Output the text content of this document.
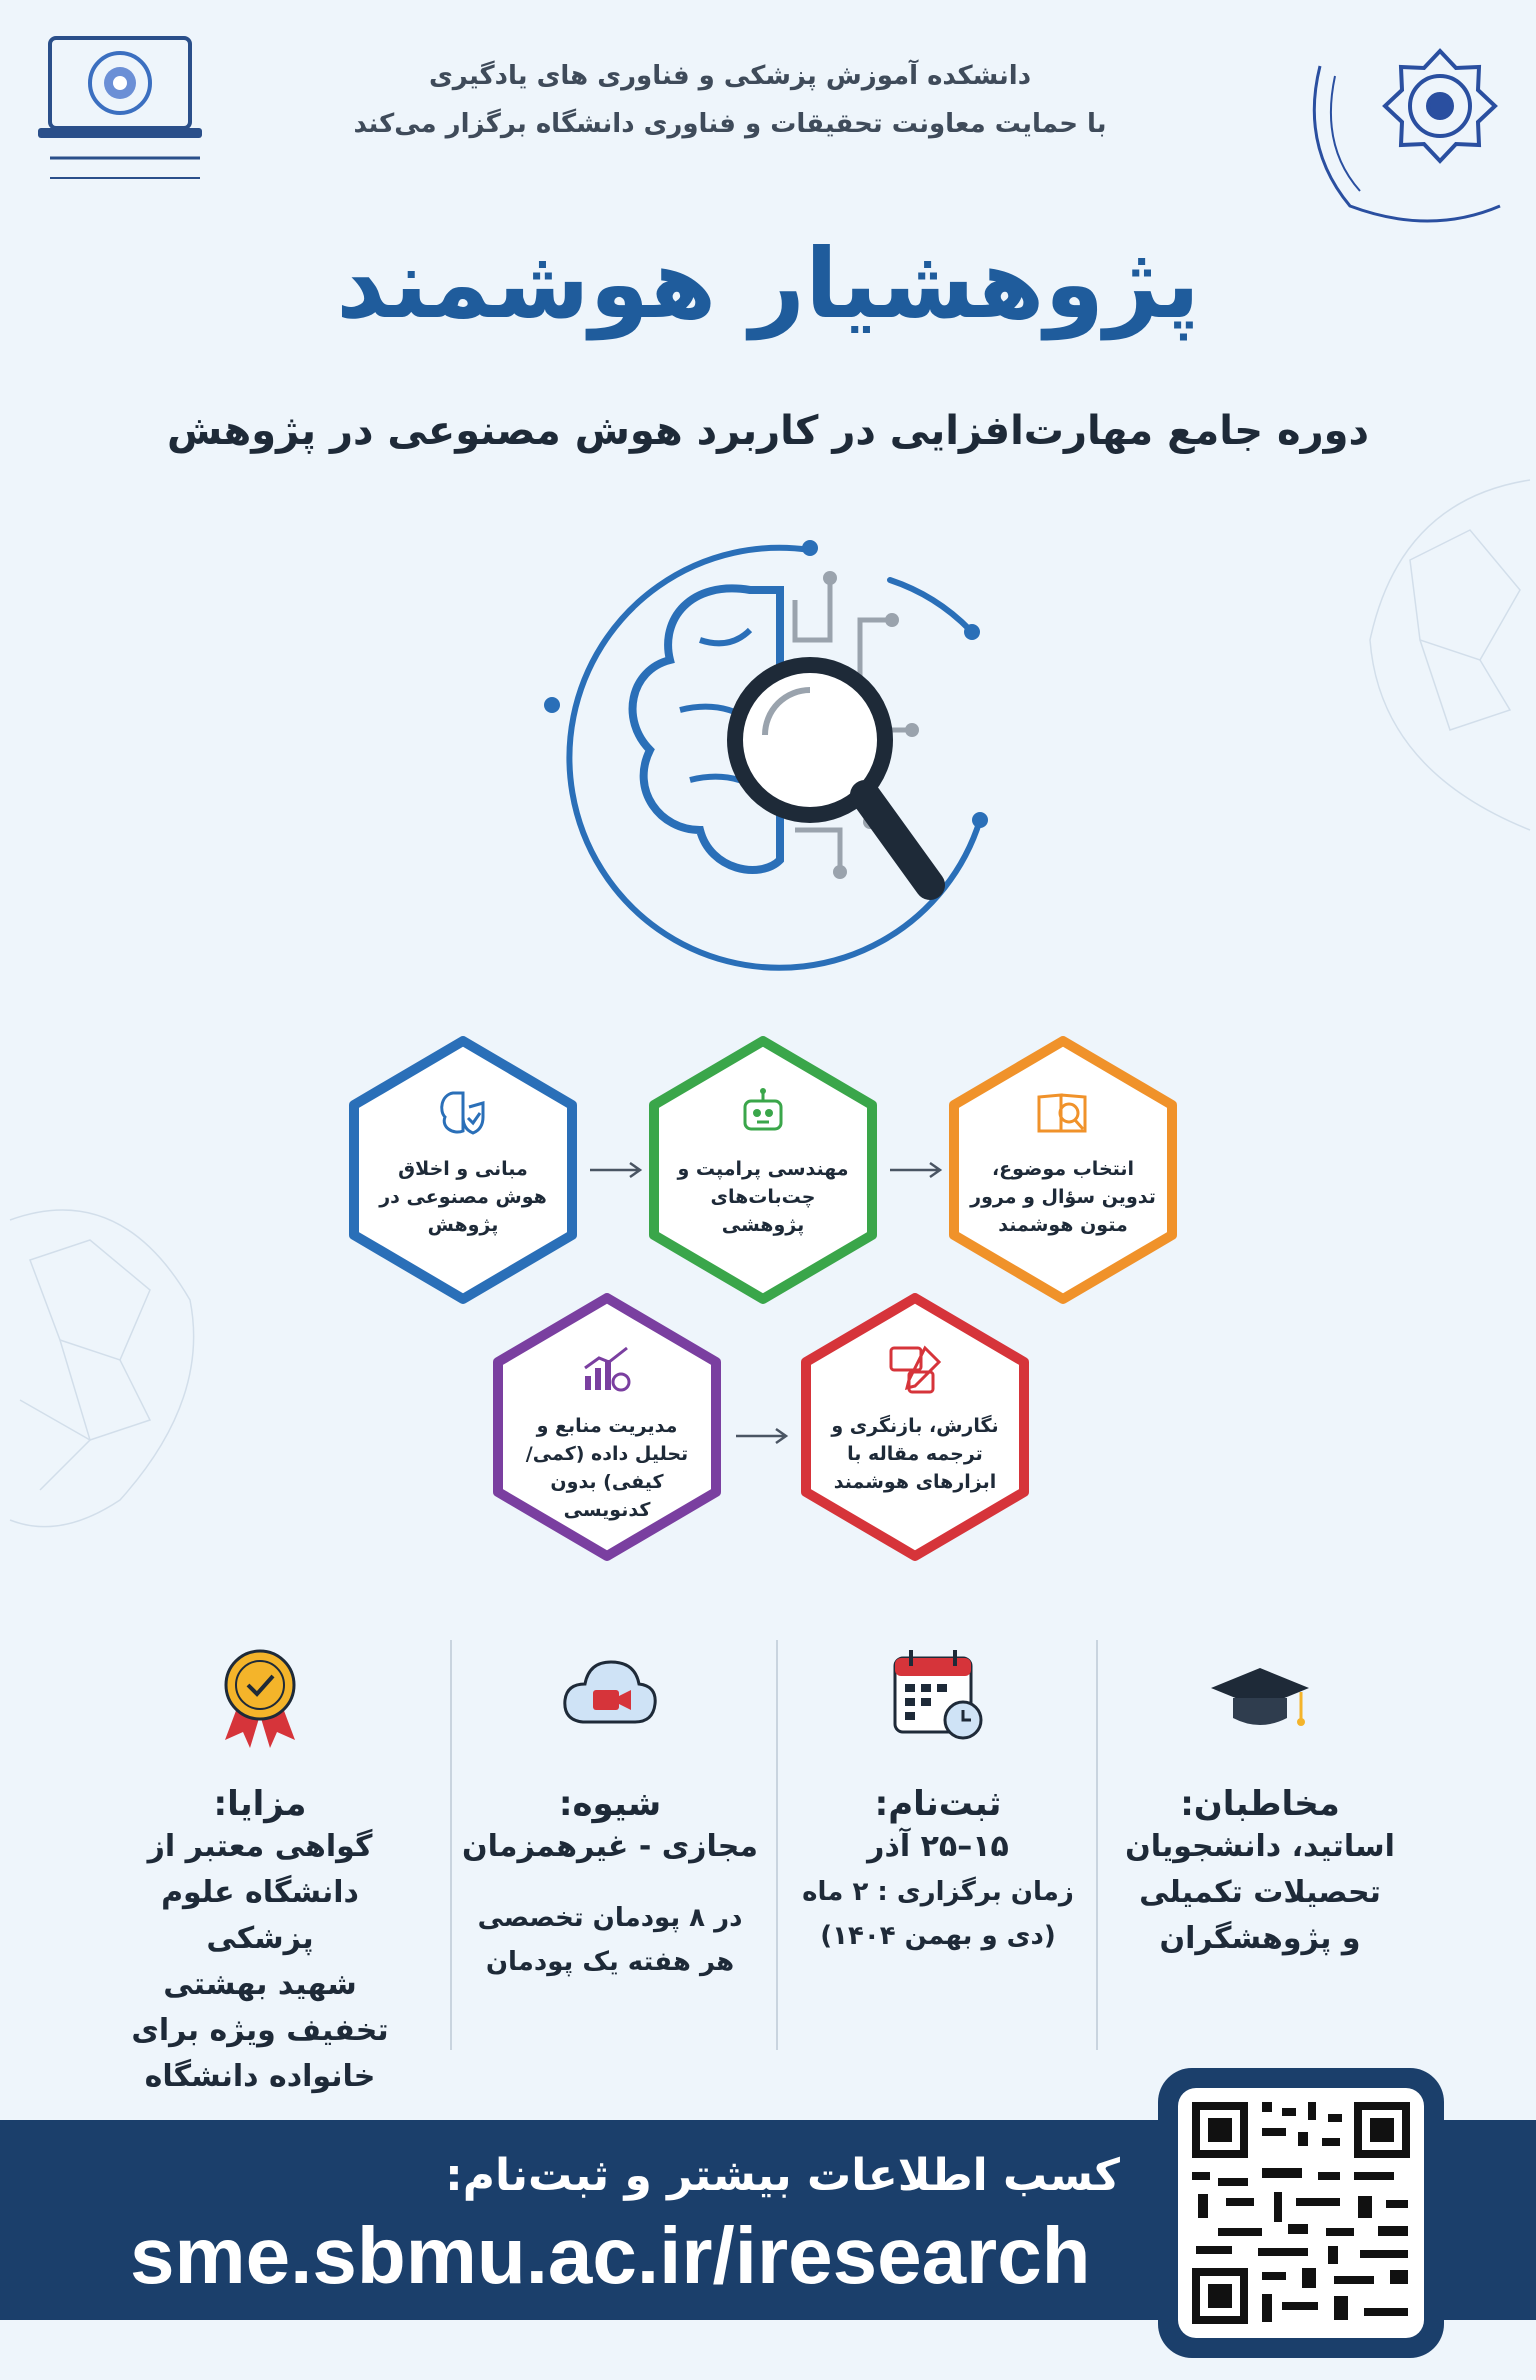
دانشکده آموزش پزشکی و فناوری های یادگیری
با حمایت معاونت تحقیقات و فناوری دانشگاه برگزار می‌کند
پژوهشیار هوشمند
دوره جامع مهارت‌افزایی در کاربرد هوش مصنوعی در پژوهش
مبانی و اخلاق هوش مصنوعی در پژوهش
مهندسی پرامپت و چت‌بات‌های پژوهشی
انتخاب موضوع، تدوین سؤال و مرور متون هوشمند
مدیریت منابع و تحلیل داده (کمی/کیفی) بدون کدنویسی
نگارش، بازنگری و ترجمه مقاله با ابزارهای هوشمند
مزایا:
گواهی معتبر از
دانشگاه علوم پزشکی
شهید بهشتی
تخفیف ویژه برای
خانواده دانشگاه
شیوه:
مجازی - غیرهمزمان
در ۸ پودمان تخصصی
هر هفته یک پودمان
ثبت‌نام:
۱۵–۲۵ آذر
زمان برگزاری : ۲ ماه
(دی و بهمن ۱۴۰۴)
مخاطبان:
اساتید، دانشجویان
تحصیلات تکمیلی
و پژوهشگران
کسب اطلاعات بیشتر و ثبت‌نام:
sme.sbmu.ac.ir/iresearch
